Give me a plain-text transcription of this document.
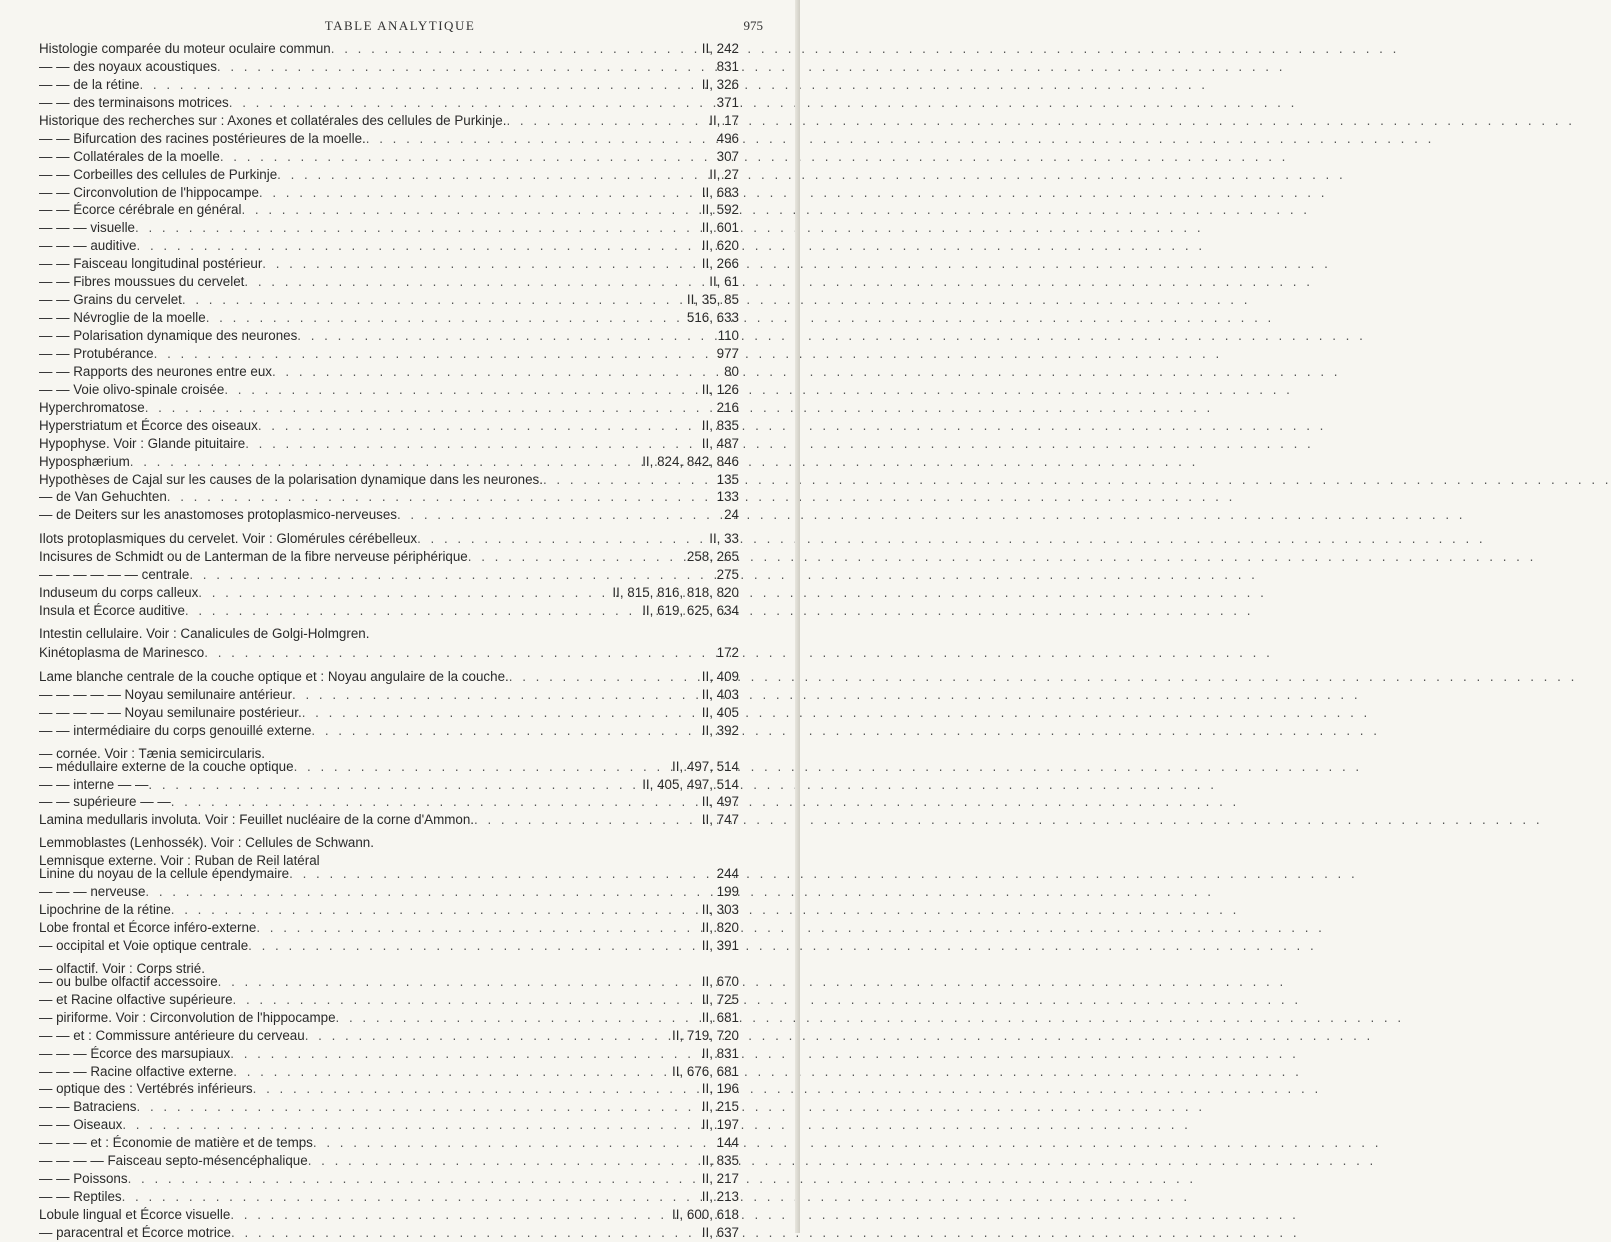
TABLE ANALYTIQUE	975
Histologie comparée du moteur oculaire commun . . .	II, 242
— — des noyaux acoustiques . . .	831
— — de la rétine . . .	II, 326
— — des terminaisons motrices . . .	371
Historique des recherches sur : Axones et collatérales des cellules de Purkinje. . . .	II, 17
— — Bifurcation des racines postérieures de la moelle. . . .	496
— — Collatérales de la moelle . . .	307
— — Corbeilles des cellules de Purkinje . . .	II, 27
— — Circonvolution de l'hippocampe . . .	II, 683
— — Écorce cérébrale en général . . .	II, 592
— — — visuelle . . .	II, 601
— — — auditive . . .	II, 620
— — Faisceau longitudinal postérieur . . .	II, 266
— — Fibres moussues du cervelet . . .	II, 61
— — Grains du cervelet . . .	II, 35, 85
— — Névroglie de la moelle . . .	516, 633
— — Polarisation dynamique des neurones . . .	110
— — Protubérance . . .	977
— — Rapports des neurones entre eux . . .	80
— — Voie olivo-spinale croisée . . .	II, 126
Hyperchromatose . . .	216
Hyperstriatum et Écorce des oiseaux . . .	II, 835
Hypophyse. Voir : Glande pituitaire . . .	II, 487
Hyposphærium . . .	II, 824, 842, 846
Hypothèses de Cajal sur les causes de la polarisation dynamique dans les neurones. . . .	135
— de Van Gehuchten . . .	133
— de Deiters sur les anastomoses protoplasmico-nerveuses . . .	24
Ilots protoplasmiques du cervelet. Voir : Glomérules cérébelleux . . .	II, 33
Incisures de Schmidt ou de Lanterman de la fibre nerveuse périphérique . . .	258, 265
— — — — — — centrale . . .	275
Induseum du corps calleux . . .	II, 815, 816, 818, 820
Insula et Écorce auditive . . .	II, 619, 625, 634
Intestin cellulaire. Voir : Canalicules de Golgi-Holmgren.
Kinétoplasma de Marinesco . . .	172
Lame blanche centrale de la couche optique et : Noyau angulaire de la couche. . . .	II, 409
— — — — — Noyau semilunaire antérieur . . .	II, 403
— — — — — Noyau semilunaire postérieur. . . .	II, 405
— — intermédiaire du corps genouillé externe . . .	II, 392
— cornée. Voir : Tænia semicircularis.
— médullaire externe de la couche optique . . .	II, 497, 514
— — interne — — . . .	II, 405, 497, 514
— — supérieure — — . . .	II, 497
Lamina medullaris involuta. Voir : Feuillet nucléaire de la corne d'Ammon. . . .	II, 747
Lemmoblastes (Lenhossék). Voir : Cellules de Schwann.
Lemnisque externe. Voir : Ruban de Reil latéral
Linine du noyau de la cellule épendymaire . . .	244
— — — nerveuse . . .	199
Lipochrine de la rétine . . .	II, 303
Lobe frontal et Écorce inféro-externe . . .	II, 820
— occipital et Voie optique centrale . . .	II, 391
— olfactif. Voir : Corps strié.
— ou bulbe olfactif accessoire . . .	II, 670
— et Racine olfactive supérieure . . .	II, 725
— piriforme. Voir : Circonvolution de l'hippocampe . . .	II, 681
— — et : Commissure antérieure du cerveau . . .	II, 719, 720
— — — Écorce des marsupiaux . . .	II, 831
— — — Racine olfactive externe . . .	II, 676, 681
— optique des : Vertébrés inférieurs . . .	II, 196
— — Batraciens . . .	II, 215
— — Oiseaux . . .	II, 197
— — — et : Économie de matière et de temps . . .	144
— — — — Faisceau septo-mésencéphalique . . .	II, 835
— — Poissons . . .	II, 217
— — Reptiles . . .	II, 213
Lobule lingual et Écorce visuelle . . .	II, 600, 618
— paracentral et Écorce motrice . . .	II, 637
